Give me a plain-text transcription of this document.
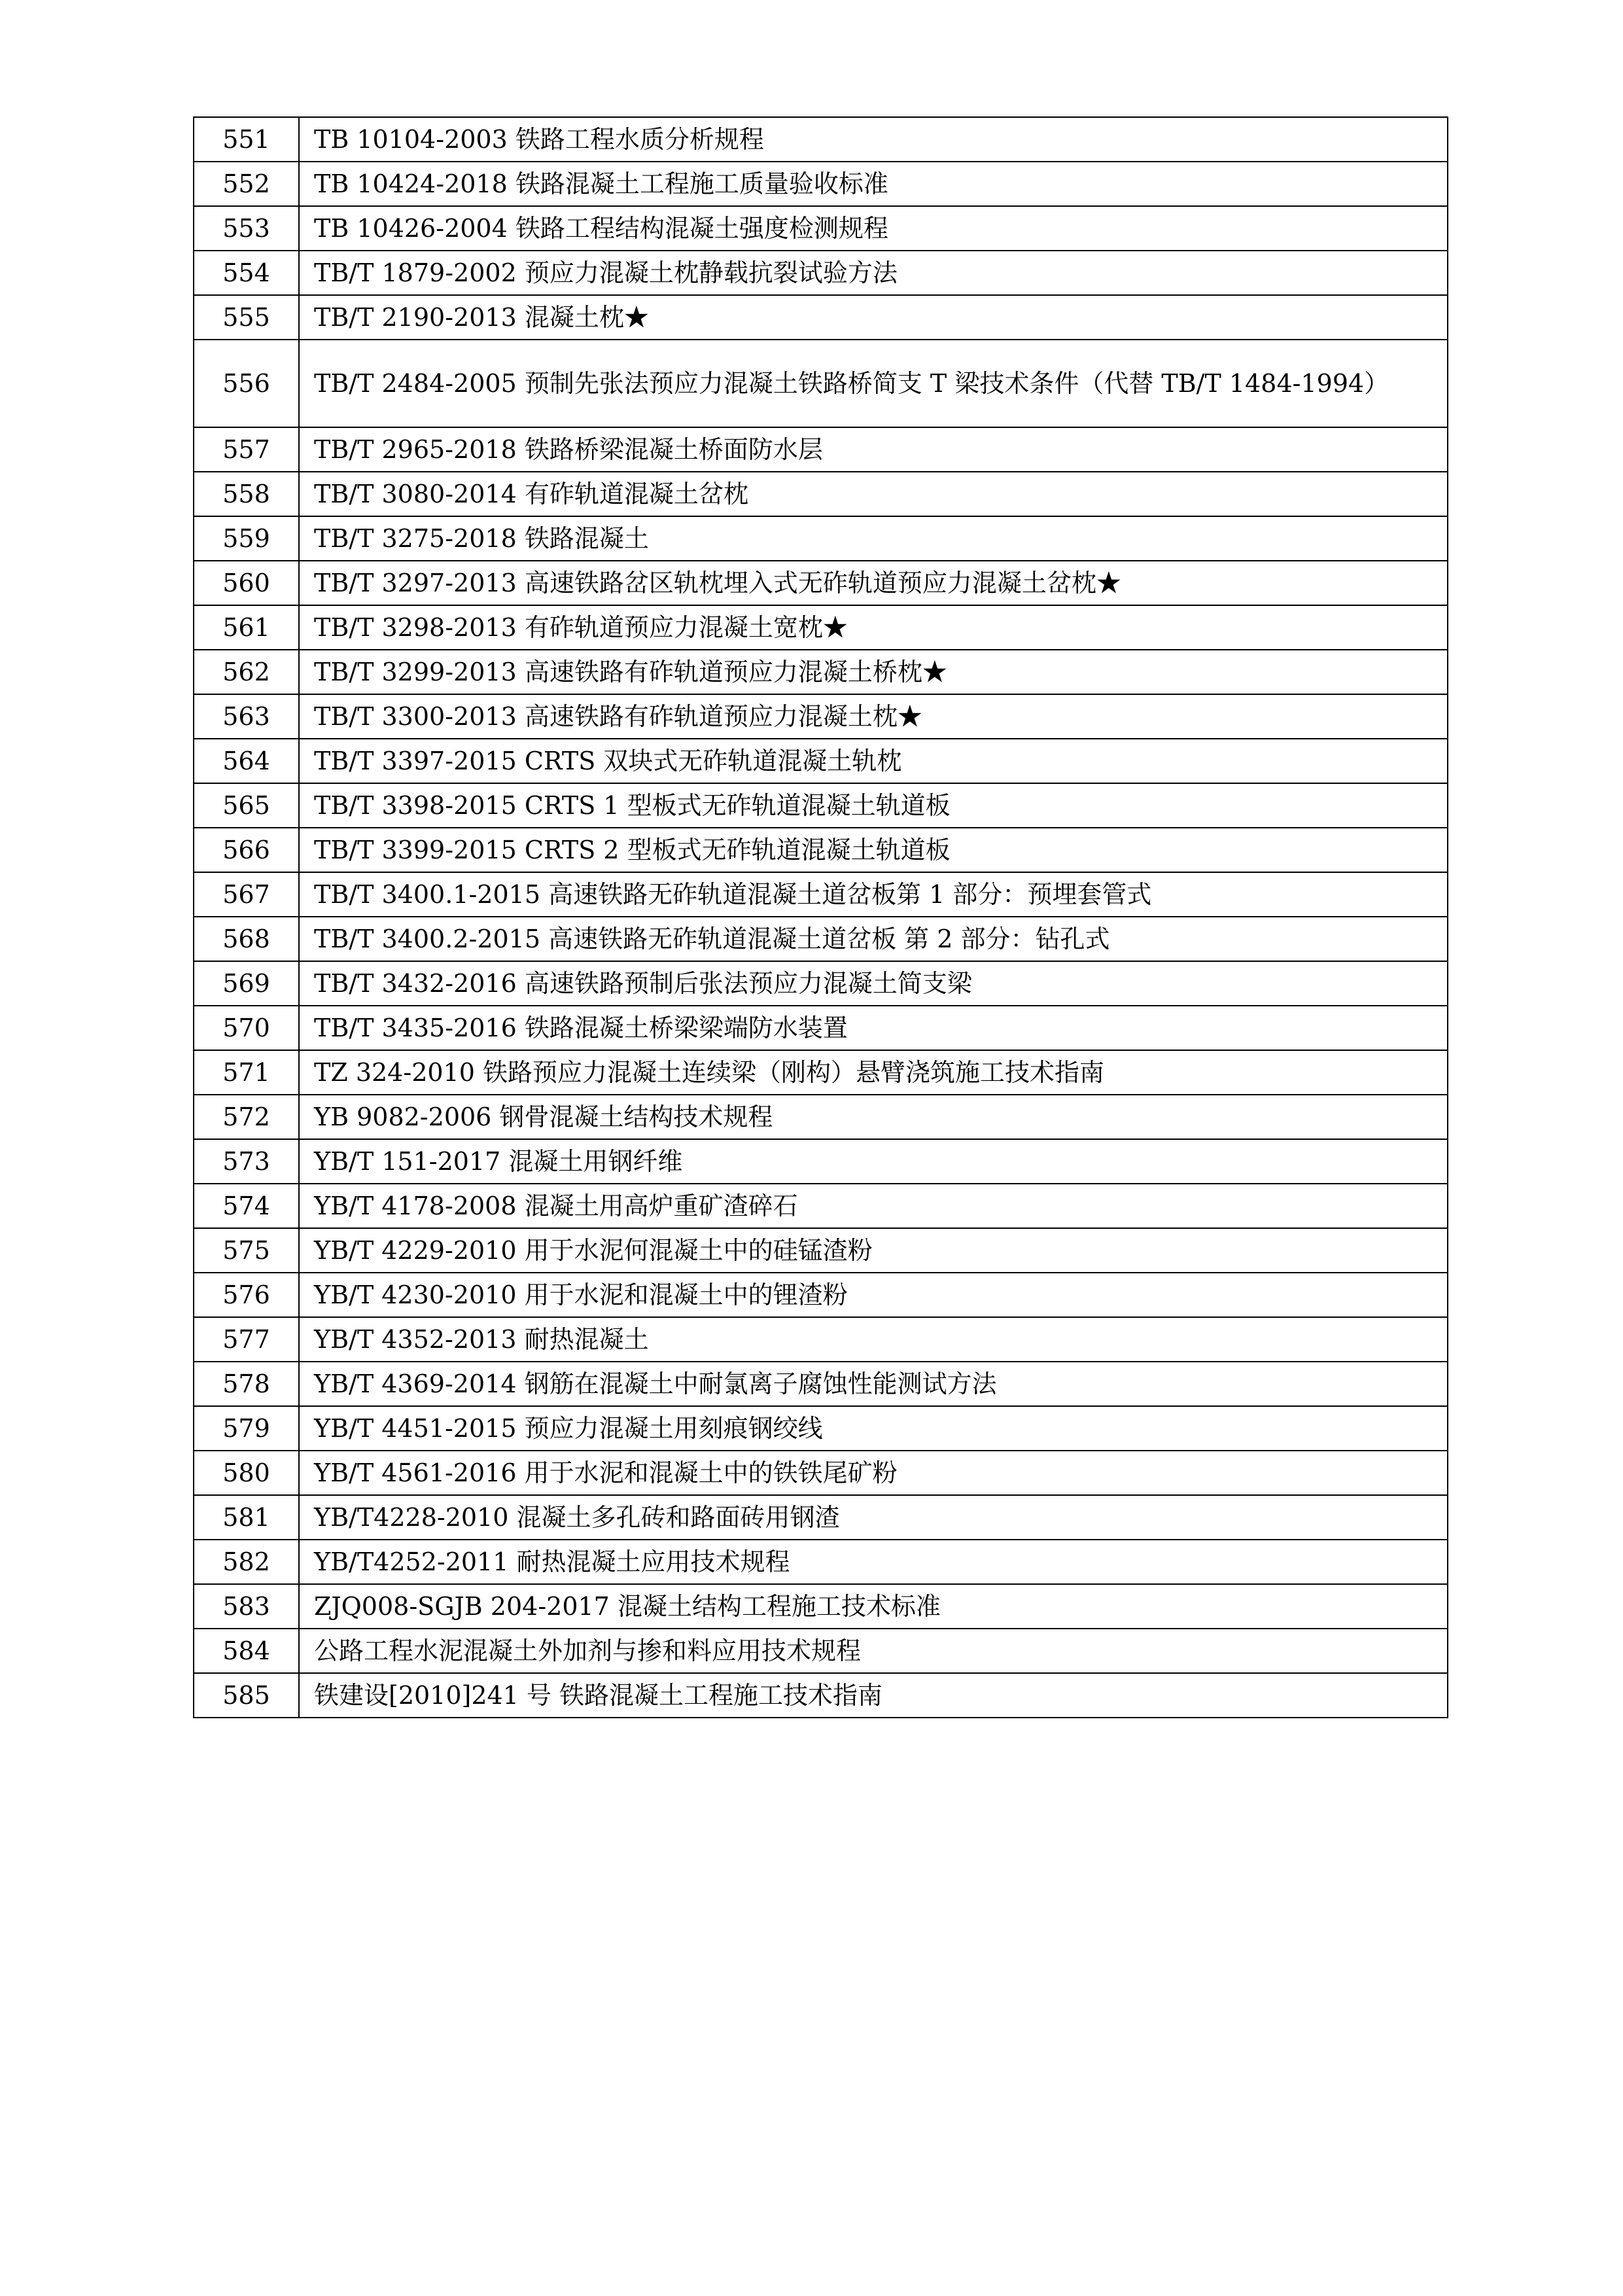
551	TB 10104-2003 铁路工程水质分析规程
552	TB 10424-2018 铁路混凝土工程施工质量验收标准
553	TB 10426-2004 铁路工程结构混凝土强度检测规程
554	TB/T 1879-2002 预应力混凝土枕静载抗裂试验方法
555	TB/T 2190-2013 混凝土枕★
556	TB/T 2484-2005 预制先张法预应力混凝土铁路桥简支 T 梁技术条件（代替 TB/T 1484-1994）
557	TB/T 2965-2018 铁路桥梁混凝土桥面防水层
558	TB/T 3080-2014 有砟轨道混凝土岔枕
559	TB/T 3275-2018 铁路混凝土
560	TB/T 3297-2013 高速铁路岔区轨枕埋入式无砟轨道预应力混凝土岔枕★
561	TB/T 3298-2013 有砟轨道预应力混凝土宽枕★
562	TB/T 3299-2013 高速铁路有砟轨道预应力混凝土桥枕★
563	TB/T 3300-2013 高速铁路有砟轨道预应力混凝土枕★
564	TB/T 3397-2015 CRTS 双块式无砟轨道混凝土轨枕
565	TB/T 3398-2015 CRTS 1 型板式无砟轨道混凝土轨道板
566	TB/T 3399-2015 CRTS 2 型板式无砟轨道混凝土轨道板
567	TB/T 3400.1-2015 高速铁路无砟轨道混凝土道岔板第 1 部分：预埋套管式
568	TB/T 3400.2-2015 高速铁路无砟轨道混凝土道岔板 第 2 部分：钻孔式
569	TB/T 3432-2016 高速铁路预制后张法预应力混凝土简支梁
570	TB/T 3435-2016 铁路混凝土桥梁梁端防水装置
571	TZ 324-2010 铁路预应力混凝土连续梁（刚构）悬臂浇筑施工技术指南
572	YB 9082-2006 钢骨混凝土结构技术规程
573	YB/T 151-2017 混凝土用钢纤维
574	YB/T 4178-2008 混凝土用高炉重矿渣碎石
575	YB/T 4229-2010 用于水泥何混凝土中的硅锰渣粉
576	YB/T 4230-2010 用于水泥和混凝土中的锂渣粉
577	YB/T 4352-2013 耐热混凝土
578	YB/T 4369-2014 钢筋在混凝土中耐氯离子腐蚀性能测试方法
579	YB/T 4451-2015 预应力混凝土用刻痕钢绞线
580	YB/T 4561-2016 用于水泥和混凝土中的铁铁尾矿粉
581	YB/T4228-2010 混凝土多孔砖和路面砖用钢渣
582	YB/T4252-2011 耐热混凝土应用技术规程
583	ZJQ008-SGJB 204-2017 混凝土结构工程施工技术标准
584	公路工程水泥混凝土外加剂与掺和料应用技术规程
585	铁建设[2010]241 号 铁路混凝土工程施工技术指南
